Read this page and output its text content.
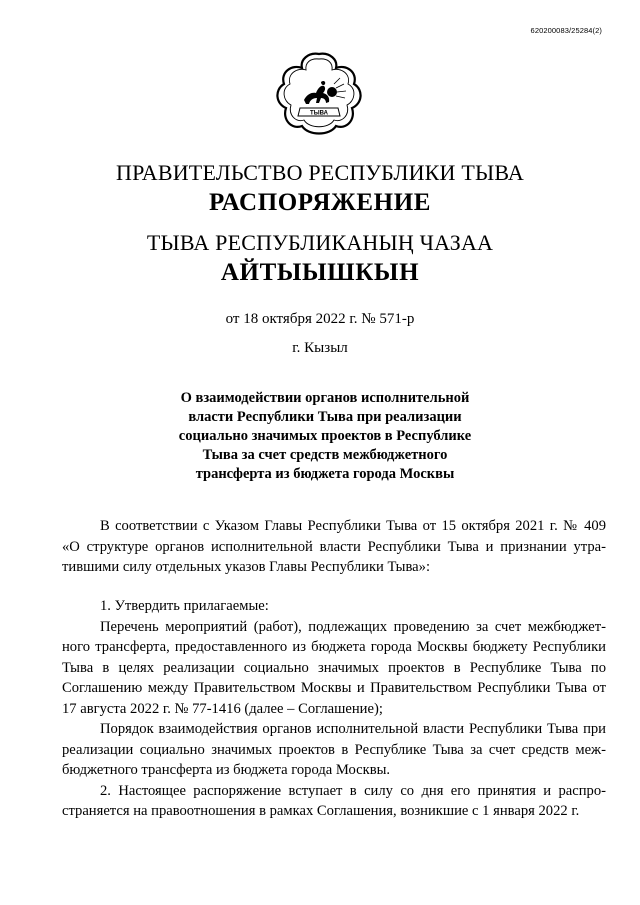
620200083/25284(2)
ТЫВА
ПРАВИТЕЛЬСТВО РЕСПУБЛИКИ ТЫВА
РАСПОРЯЖЕНИЕ
ТЫВА РЕСПУБЛИКАНЫҢ ЧАЗАА
АЙТЫЫШКЫН
от 18 октября 2022 г. № 571-р
г. Кызыл
О взаимодействии органов исполнительной
власти Республики Тыва при реализации
социально значимых проектов в Республике
Тыва за счет средств межбюджетного
трансферта из бюджета города Москвы
В соответствии с Указом Главы Республики Тыва от 15 октября 2021 г. № 409
«О структуре органов исполнительной власти Республики Тыва и признании утра-
тившими силу отдельных указов Главы Республики Тыва»:
1. Утвердить прилагаемые:
Перечень мероприятий (работ), подлежащих проведению за счет межбюджет-
ного трансферта, предоставленного из бюджета города Москвы бюджету Республики
Тыва в целях реализации социально значимых проектов в Республике Тыва по
Соглашению между Правительством Москвы и Правительством Республики Тыва от
17 августа 2022 г. № 77-1416 (далее – Соглашение);
Порядок взаимодействия органов исполнительной власти Республики Тыва при
реализации социально значимых проектов в Республике Тыва за счет средств меж-
бюджетного трансферта из бюджета города Москвы.
2. Настоящее распоряжение вступает в силу со дня его принятия и распро-
страняется на правоотношения в рамках Соглашения, возникшие с 1 января 2022 г.
